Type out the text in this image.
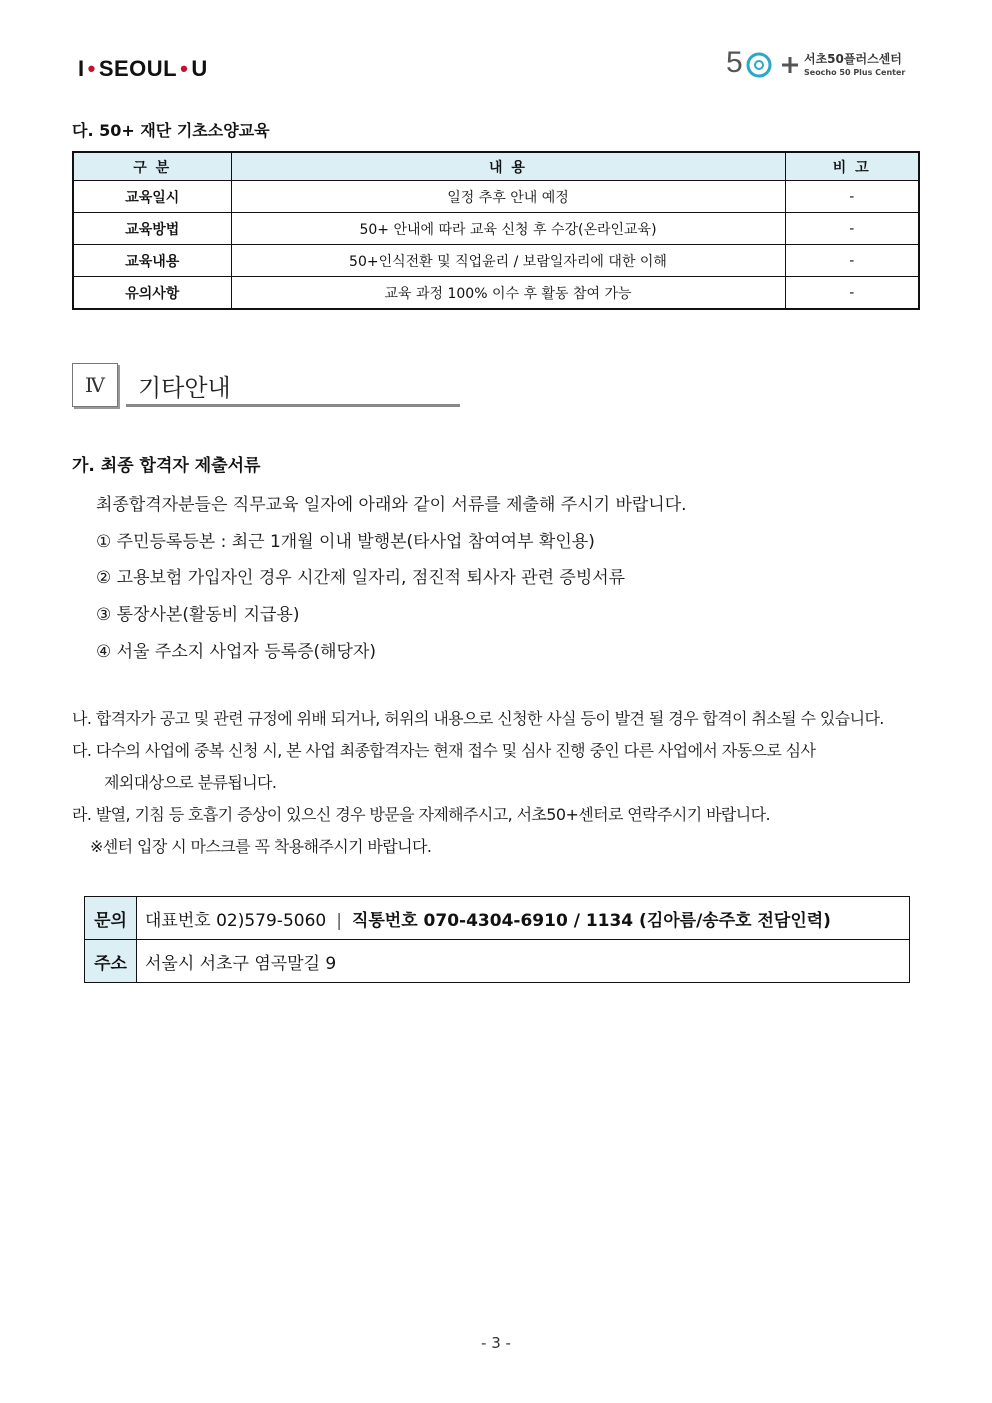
I • SEOUL • U	5	서초50플러스센터
Seocho 50 Plus Center
다. 50+ 재단 기초소양교육
구 분	내 용	비 고
교육일시	일정 추후 안내 예정	-
교육방법	50+ 안내에 따라 교육 신청 후 수강(온라인교육)	-
교육내용	50+인식전환 및 직업윤리 / 보람일자리에 대한 이해	-
유의사항	교육 과정 100% 이수 후 활동 참여 가능	-
Ⅳ	기타안내
가. 최종 합격자 제출서류
최종합격자분들은 직무교육 일자에 아래와 같이 서류를 제출해 주시기 바랍니다.
① 주민등록등본 : 최근 1개월 이내 발행본(타사업 참여여부 확인용)
② 고용보험 가입자인 경우 시간제 일자리, 점진적 퇴사자 관련 증빙서류
③ 통장사본(활동비 지급용)
④ 서울 주소지 사업자 등록증(해당자)
나. 합격자가 공고 및 관련 규정에 위배 되거나, 허위의 내용으로 신청한 사실 등이 발견 될 경우 합격이 취소될 수 있습니다.
다. 다수의 사업에 중복 신청 시, 본 사업 최종합격자는 현재 접수 및 심사 진행 중인 다른 사업에서 자동으로 심사
제외대상으로 분류됩니다.
라. 발열, 기침 등 호흡기 증상이 있으신 경우 방문을 자제해주시고, 서초50+센터로 연락주시기 바랍니다.
※센터 입장 시 마스크를 꼭 착용해주시기 바랍니다.
문의	대표번호 02)579-5060 | 직통번호 070-4304-6910 / 1134 (김아름/송주호 전담인력)
주소	서울시 서초구 염곡말길 9
- 3 -
